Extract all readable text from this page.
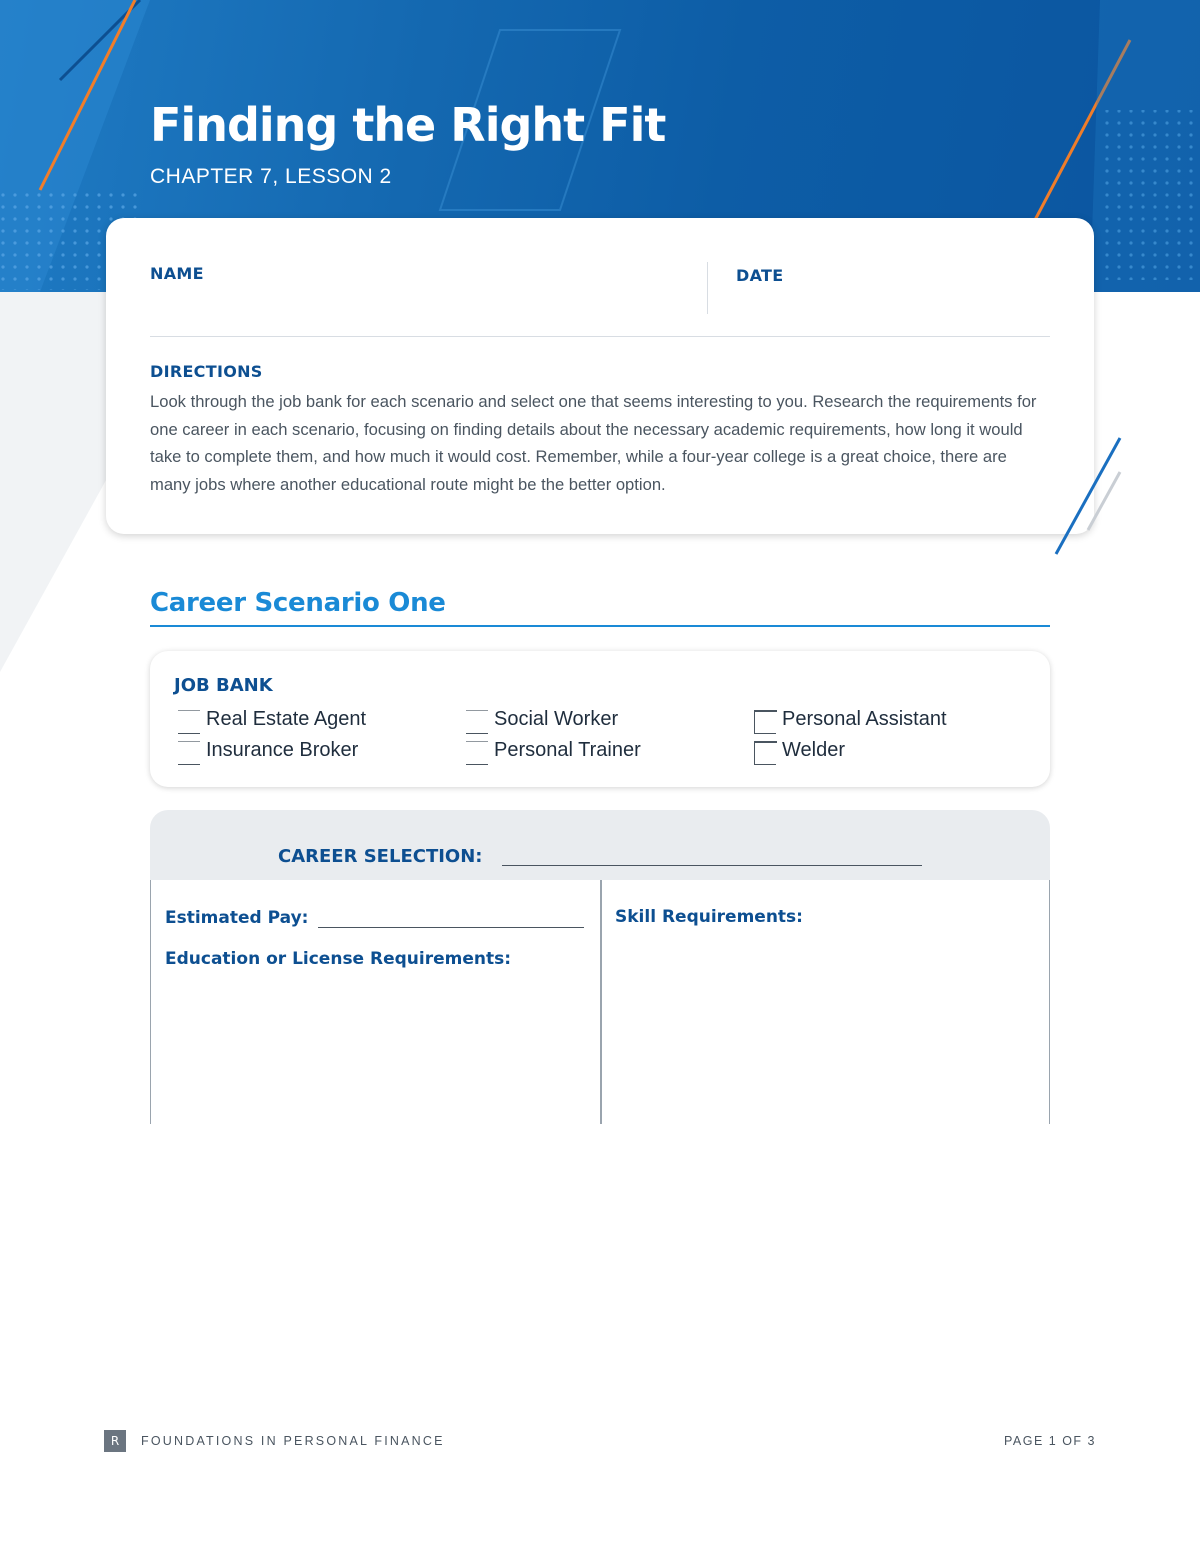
Finding the Right Fit
CHAPTER 7, LESSON 2
NAME	DATE
DIRECTIONS
Look through the job bank for each scenario and select one that seems interesting to you. Research the requirements for one career in each scenario, focusing on finding details about the necessary academic requirements, how long it would take to complete them, and how much it would cost. Remember, while a four-year college is a great choice, there are many jobs where another educational route might be the better option.
Career Scenario One
JOB BANK
Real Estate Agent
Insurance Broker
Social Worker
Personal Trainer
Personal Assistant
Welder
CAREER SELECTION:
Estimated Pay:
Education or License Requirements:
Skill Requirements:
R	FOUNDATIONS IN PERSONAL FINANCE	PAGE 1 OF 3
